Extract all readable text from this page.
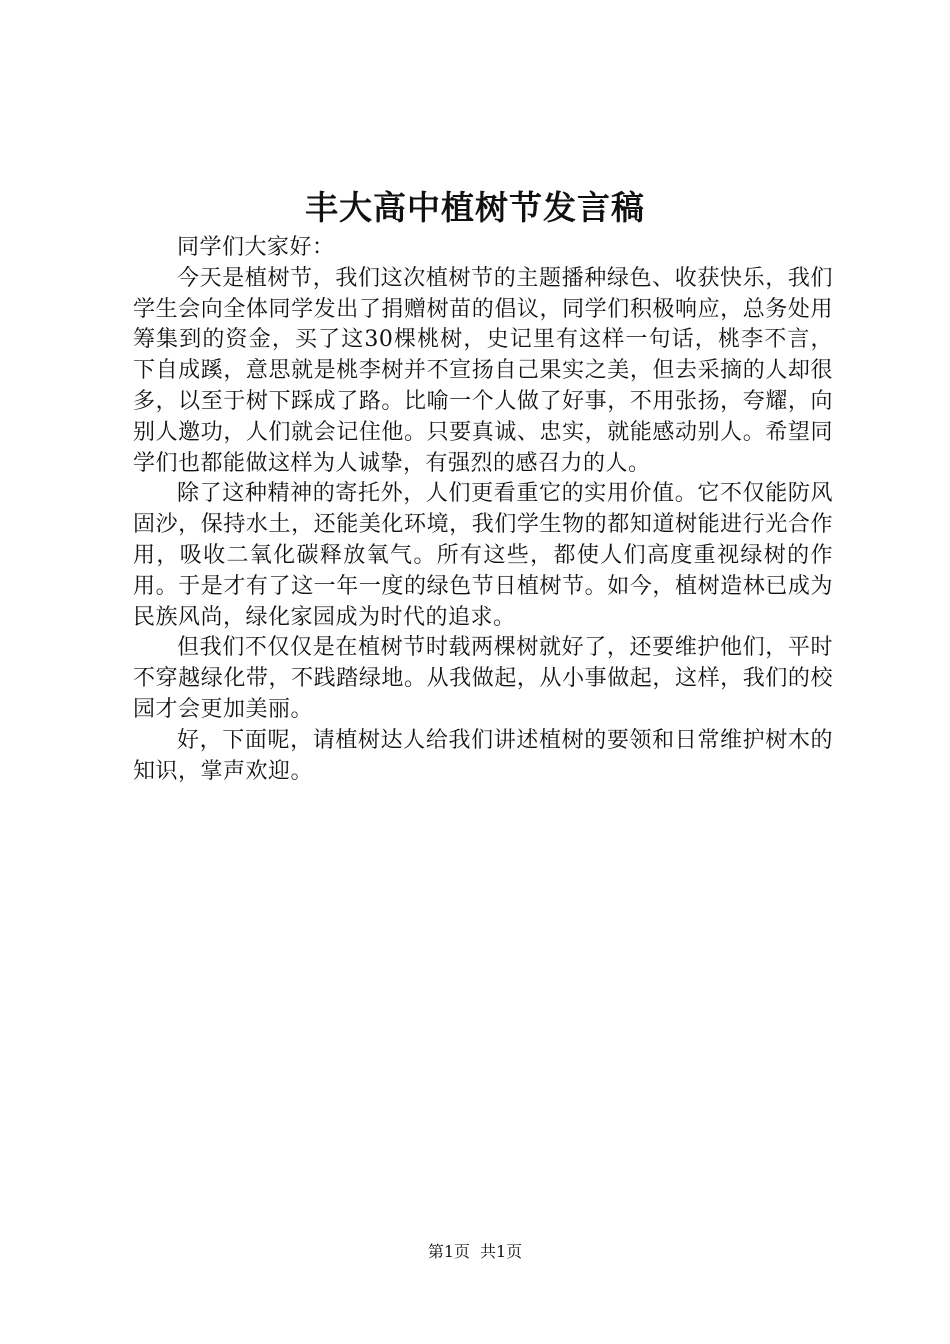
丰大高中植树节发言稿

同学们大家好：

今天是植树节，我们这次植树节的主题播种绿色、收获快乐，我们学生会向全体同学发出了捐赠树苗的倡议，同学们积极响应，总务处用筹集到的资金，买了这30棵桃树，史记里有这样一句话，桃李不言，下自成蹊，意思就是桃李树并不宣扬自己果实之美，但去采摘的人却很多，以至于树下踩成了路。比喻一个人做了好事，不用张扬，夸耀，向别人邀功，人们就会记住他。只要真诚、忠实，就能感动别人。希望同学们也都能做这样为人诚挚，有强烈的感召力的人。

除了这种精神的寄托外，人们更看重它的实用价值。它不仅能防风固沙，保持水土，还能美化环境，我们学生物的都知道树能进行光合作用，吸收二氧化碳释放氧气。所有这些，都使人们高度重视绿树的作用。于是才有了这一年一度的绿色节日植树节。如今，植树造林已成为民族风尚，绿化家园成为时代的追求。

但我们不仅仅是在植树节时载两棵树就好了，还要维护他们，平时不穿越绿化带，不践踏绿地。从我做起，从小事做起，这样，我们的校园才会更加美丽。

好，下面呢，请植树达人给我们讲述植树的要领和日常维护树木的知识，掌声欢迎。

第1页 共1页
